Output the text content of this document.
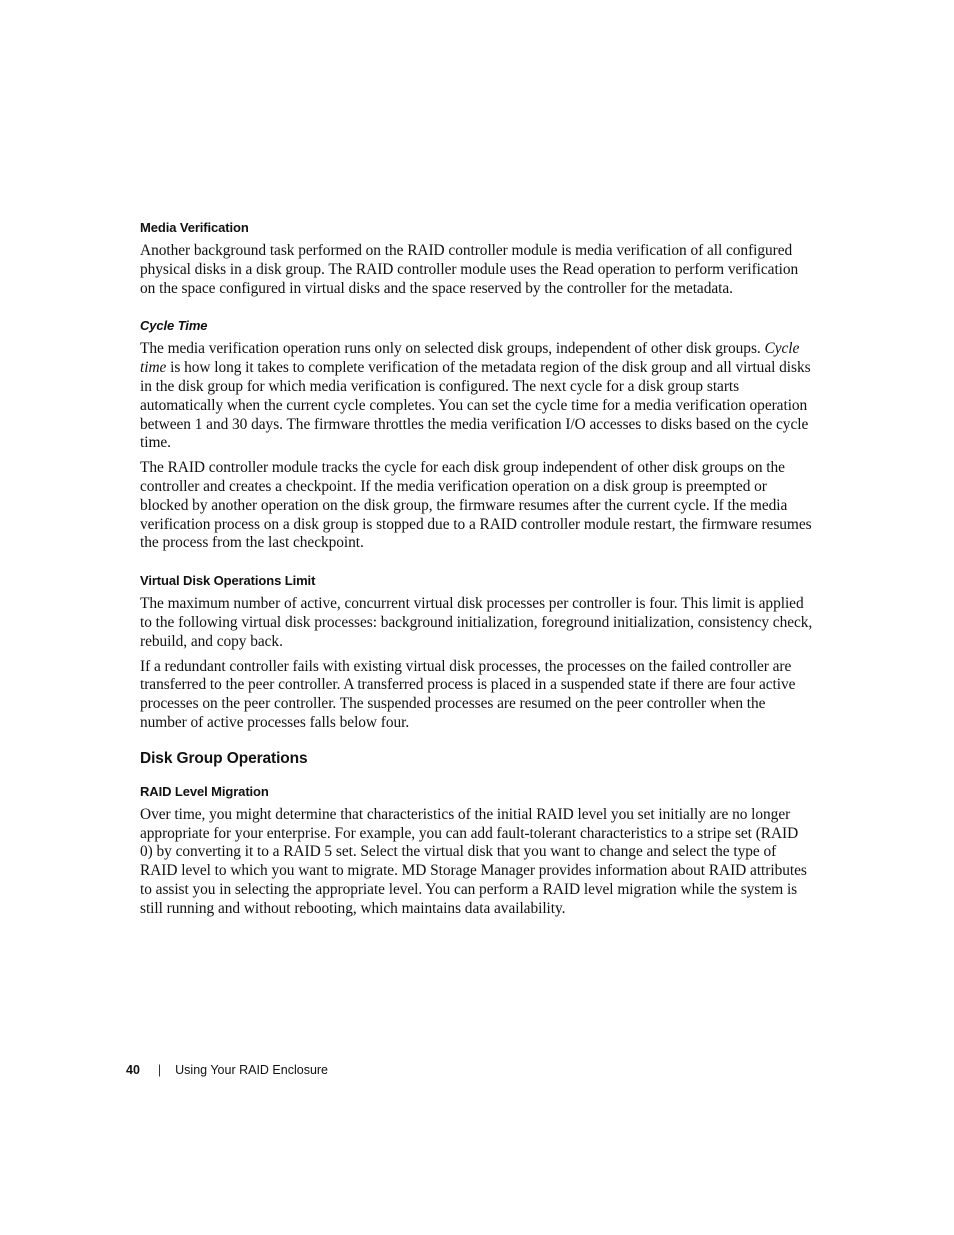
Media Verification

Another background task performed on the RAID controller module is media verification of all configured physical disks in a disk group. The RAID controller module uses the Read operation to perform verification on the space configured in virtual disks and the space reserved by the controller for the metadata.

Cycle Time

The media verification operation runs only on selected disk groups, independent of other disk groups. Cycle time is how long it takes to complete verification of the metadata region of the disk group and all virtual disks in the disk group for which media verification is configured. The next cycle for a disk group starts automatically when the current cycle completes. You can set the cycle time for a media verification operation between 1 and 30 days. The firmware throttles the media verification I/O accesses to disks based on the cycle time.

The RAID controller module tracks the cycle for each disk group independent of other disk groups on the controller and creates a checkpoint. If the media verification operation on a disk group is preempted or blocked by another operation on the disk group, the firmware resumes after the current cycle. If the media verification process on a disk group is stopped due to a RAID controller module restart, the firmware resumes the process from the last checkpoint.

Virtual Disk Operations Limit

The maximum number of active, concurrent virtual disk processes per controller is four. This limit is applied to the following virtual disk processes: background initialization, foreground initialization, consistency check, rebuild, and copy back.

If a redundant controller fails with existing virtual disk processes, the processes on the failed controller are transferred to the peer controller. A transferred process is placed in a suspended state if there are four active processes on the peer controller. The suspended processes are resumed on the peer controller when the number of active processes falls below four.

Disk Group Operations
RAID Level Migration

Over time, you might determine that characteristics of the initial RAID level you set initially are no longer appropriate for your enterprise. For example, you can add fault-tolerant characteristics to a stripe set (RAID 0) by converting it to a RAID 5 set. Select the virtual disk that you want to change and select the type of RAID level to which you want to migrate. MD Storage Manager provides information about RAID attributes to assist you in selecting the appropriate level. You can perform a RAID level migration while the system is still running and without rebooting, which maintains data availability.

40 | Using Your RAID Enclosure
